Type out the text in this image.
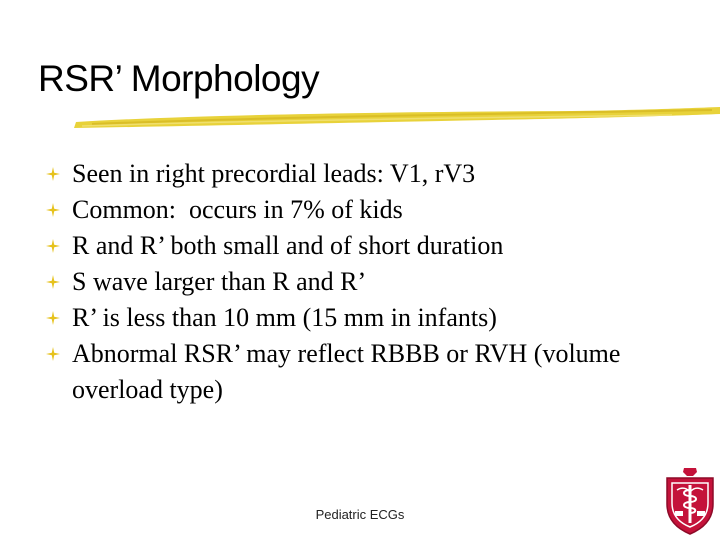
RSR’ Morphology
Seen in right precordial leads: V1, rV3
Common:  occurs in 7% of kids
R and R’ both small and of short duration
S wave larger than R and R’
R’ is less than 10 mm (15 mm in infants)
Abnormal RSR’ may reflect RBBB or RVH (volume overload type)
Pediatric ECGs
